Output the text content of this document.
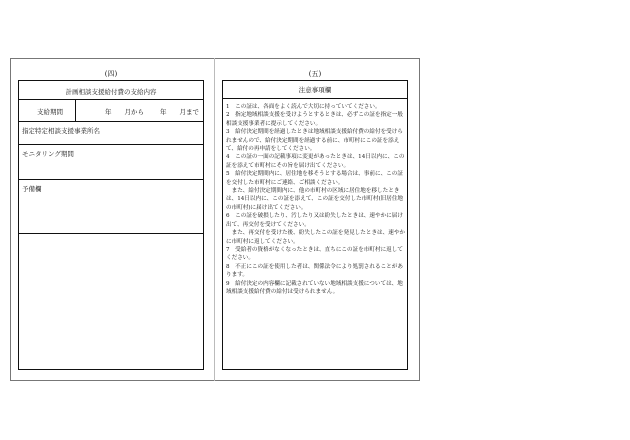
(四)	(五)
計画相談支援給付費の支給内容
支給期間	年　　月から 年　　月まで
指定特定相談支援事業所名
モニタリング期間
予備欄
注意事項欄

1　この証は、各面をよく読んで大切に持っていてください。

2　指定地域相談支援を受けようとするときは、必ずこの証を指定一般相談支援事業者に提示してください。

3　給付決定期間を経過したときは地域相談支援給付費の給付を受けられませんので、給付決定期間を経過する前に、市町村にこの証を添えて、給付の再申請をしてください。

4　この証の一面の記載事項に変更があったときは、14日以内に、この証を添えて市町村にその旨を届け出てください。

5　給付決定期間内に、居住地を移そうとする場合は、事前に、この証を交付した市町村にご連絡、ご相談ください。

　また、給付決定期間内に、他の市町村の区域に居住地を移したときは、14日以内に、この証を添えて、この証を交付した市町村(旧居住地の市町村)に届け出てください。

6　この証を破損したり、汚したり又は紛失したときは、速やかに届け出て、再交付を受けてください。

　また、再交付を受けた後、紛失したこの証を発見したときは、速やかに市町村に返してください。

7　受給者の資格がなくなったときは、直ちにこの証を市町村に返してください。

8　不正にこの証を使用した者は、関係法令により処罰されることがあります。

9　給付決定の内容欄に記載されていない地域相談支援については、地域相談支援給付費の給付は受けられません。
